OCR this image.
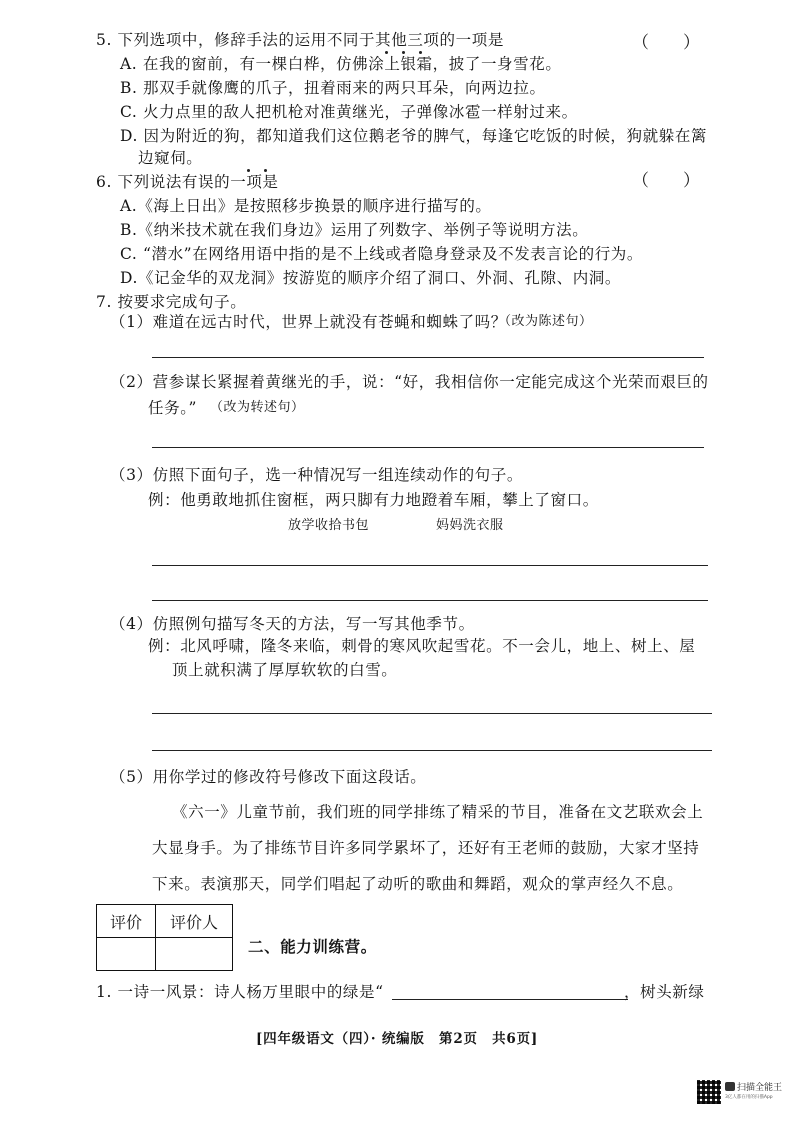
5. 下列选项中，修辞手法的运用不同于其他三项的一项是	（　　）
A. 在我的窗前，有一棵白桦，仿佛涂上银霜，披了一身雪花。
B. 那双手就像鹰的爪子，扭着雨来的两只耳朵，向两边拉。
C. 火力点里的敌人把机枪对准黄继光，子弹像冰雹一样射过来。
D. 因为附近的狗，都知道我们这位鹅老爷的脾气，每逢它吃饭的时候，狗就躲在篱
边窥伺。
6. 下列说法有误的一项是	（　　）
A.《海上日出》是按照移步换景的顺序进行描写的。
B.《纳米技术就在我们身边》运用了列数字、举例子等说明方法。
C. “潜水”在网络用语中指的是不上线或者隐身登录及不发表言论的行为。
D.《记金华的双龙洞》按游览的顺序介绍了洞口、外洞、孔隙、内洞。
7. 按要求完成句子。
（1）难道在远古时代，世界上就没有苍蝇和蜘蛛了吗？
（改为陈述句）
（2）营参谋长紧握着黄继光的手，说：“好，我相信你一定能完成这个光荣而艰巨的
任务。” （改为转述句）
（3）仿照下面句子，选一种情况写一组连续动作的句子。
例：他勇敢地抓住窗框，两只脚有力地蹬着车厢，攀上了窗口。
放学收拾书包	妈妈洗衣服
（4）仿照例句描写冬天的方法，写一写其他季节。
例：北风呼啸，隆冬来临，刺骨的寒风吹起雪花。不一会儿，地上、树上、屋
顶上就积满了厚厚软软的白雪。
（5）用你学过的修改符号修改下面这段话。
《六一》儿童节前，我们班的同学排练了精采的节目，准备在文艺联欢会上
大显身手。为了排练节目许多同学累坏了，还好有王老师的鼓励，大家才坚持
下来。表演那天，同学们唱起了动听的歌曲和舞蹈，观众的掌声经久不息。
评价	评价人

二、能力训练营。
1. 一诗一风景：诗人杨万里眼中的绿是“	，树头新绿
[四年级语文（四）· 统编版　第2页　共6页]
扫描全能王
3亿人都在用的扫描App
